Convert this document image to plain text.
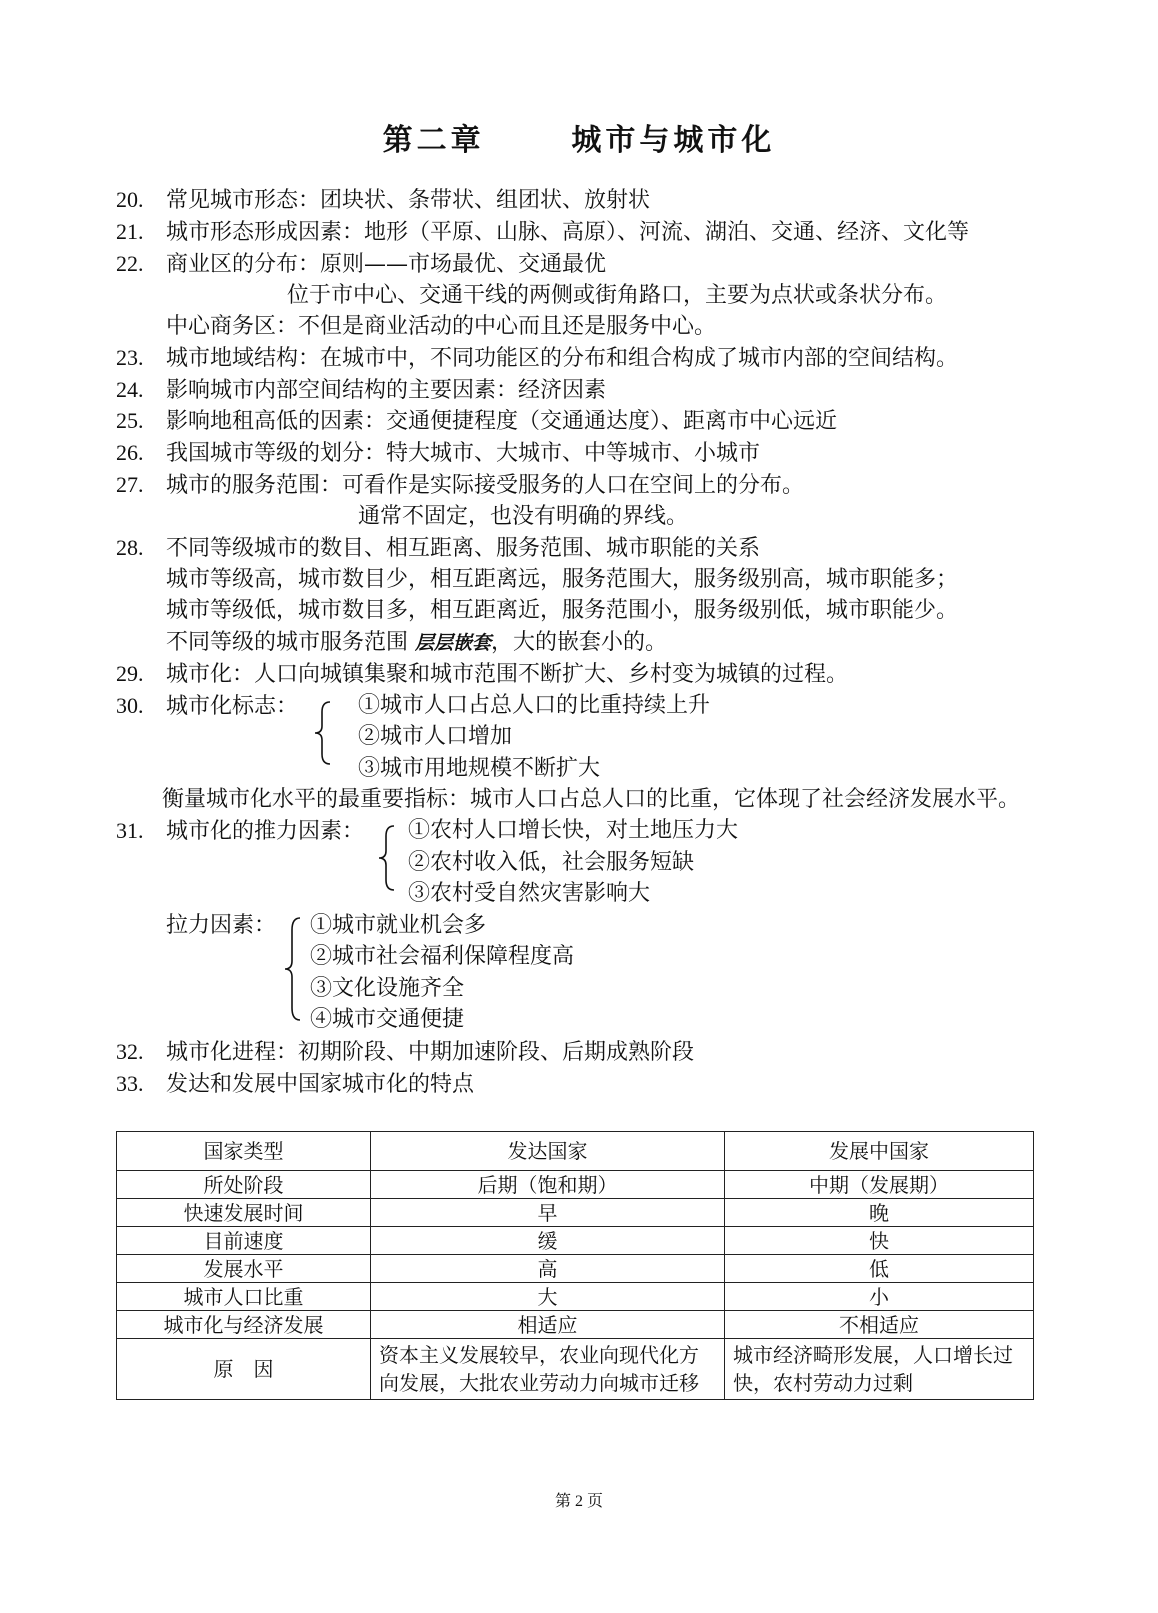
第二章      城市与城市化
20. 常见城市形态：团块状、条带状、组团状、放射状
21. 城市形态形成因素：地形（平原、山脉、高原）、河流、湖泊、交通、经济、文化等
22. 商业区的分布：原则——市场最优、交通最优
位于市中心、交通干线的两侧或街角路口，主要为点状或条状分布。
中心商务区：不但是商业活动的中心而且还是服务中心。
23. 城市地域结构：在城市中，不同功能区的分布和组合构成了城市内部的空间结构。
24. 影响城市内部空间结构的主要因素：经济因素
25. 影响地租高低的因素：交通便捷程度（交通通达度）、距离市中心远近
26. 我国城市等级的划分：特大城市、大城市、中等城市、小城市
27. 城市的服务范围：可看作是实际接受服务的人口在空间上的分布。
通常不固定，也没有明确的界线。
28. 不同等级城市的数目、相互距离、服务范围、城市职能的关系
城市等级高，城市数目少，相互距离远，服务范围大，服务级别高，城市职能多；
城市等级低，城市数目多，相互距离近，服务范围小，服务级别低，城市职能少。
不同等级的城市服务范围 层层嵌套，大的嵌套小的。
29. 城市化：人口向城镇集聚和城市范围不断扩大、乡村变为城镇的过程。
30. 城市化标志：	①城市人口占总人口的比重持续上升
②城市人口增加
③城市用地规模不断扩大
衡量城市化水平的最重要指标：城市人口占总人口的比重，它体现了社会经济发展水平。
31. 城市化的推力因素： ①农村人口增长快，对土地压力大
②农村收入低，社会服务短缺
③农村受自然灾害影响大
拉力因素： ①城市就业机会多
②城市社会福利保障程度高
③文化设施齐全
④城市交通便捷
32. 城市化进程：初期阶段、中期加速阶段、后期成熟阶段
33. 发达和发展中国家城市化的特点
国家类型	发达国家	发展中国家
所处阶段	后期（饱和期）	中期（发展期）
快速发展时间	早	晚
目前速度	缓	快
发展水平	高	低
城市人口比重	大	小
城市化与经济发展	相适应	不相适应
原　因	资本主义发展较早，农业向现代化方向发展，大批农业劳动力向城市迁移	城市经济畸形发展，人口增长过快，农村劳动力过剩
第 2 页
